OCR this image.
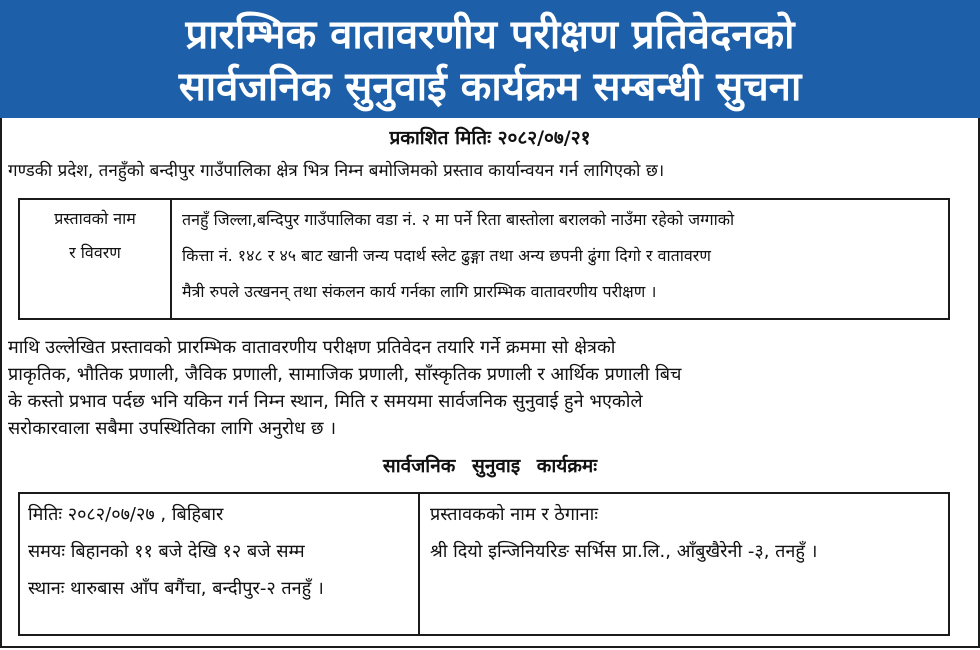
प्रारम्भिक वातावरणीय परीक्षण प्रतिवेदनको
सार्वजनिक सुनुवाई कार्यक्रम सम्बन्धी सुचना
प्रकाशित मितिः २०८२/०७/२१
गण्डकी प्रदेश, तनहुँको बन्दीपुर गाउँपालिका क्षेत्र भित्र निम्न बमोजिमको प्रस्ताव कार्यान्वयन गर्न लागिएको छ।
प्रस्तावको नाम
र विवरण
तनहुँ जिल्ला,बन्दिपुर गाउँपालिका वडा नं. २ मा पर्ने रिता बास्तोला बरालको नाउँमा रहेको जग्गाको
कित्ता नं. १४८ र ४५ बाट खानी जन्य पदार्थ स्लेट ढुङ्गा तथा अन्य छपनी ढुंगा दिगो र वातावरण
मैत्री रुपले उत्खनन् तथा संकलन कार्य गर्नका लागि प्रारम्भिक वातावरणीय परीक्षण ।
माथि उल्लेखित प्रस्तावको प्रारम्भिक वातावरणीय परीक्षण प्रतिवेदन तयारि गर्ने क्रममा सो क्षेत्रको
प्राकृतिक, भौतिक प्रणाली, जैविक प्रणाली, सामाजिक प्रणाली, साँस्कृतिक प्रणाली र आर्थिक प्रणाली बिच
के कस्तो प्रभाव पर्दछ भनि यकिन गर्न निम्न स्थान, मिति र समयमा सार्वजनिक सुनुवाई हुने भएकोले
सरोकारवाला सबैमा उपस्थितिका लागि अनुरोध छ ।
सार्वजनिक सुनुवाइ कार्यक्रमः
मितिः २०८२/०७/२७ , बिहिबार
समयः बिहानको ११ बजे देखि १२ बजे सम्म
स्थानः थारुबास आँप बगैंचा, बन्दीपुर-२ तनहुँ ।
प्रस्तावकको नाम र ठेगानाः
श्री दियो इन्जिनियरिङ सर्भिस प्रा.लि., आँबुखैरेनी -३, तनहुँ ।
